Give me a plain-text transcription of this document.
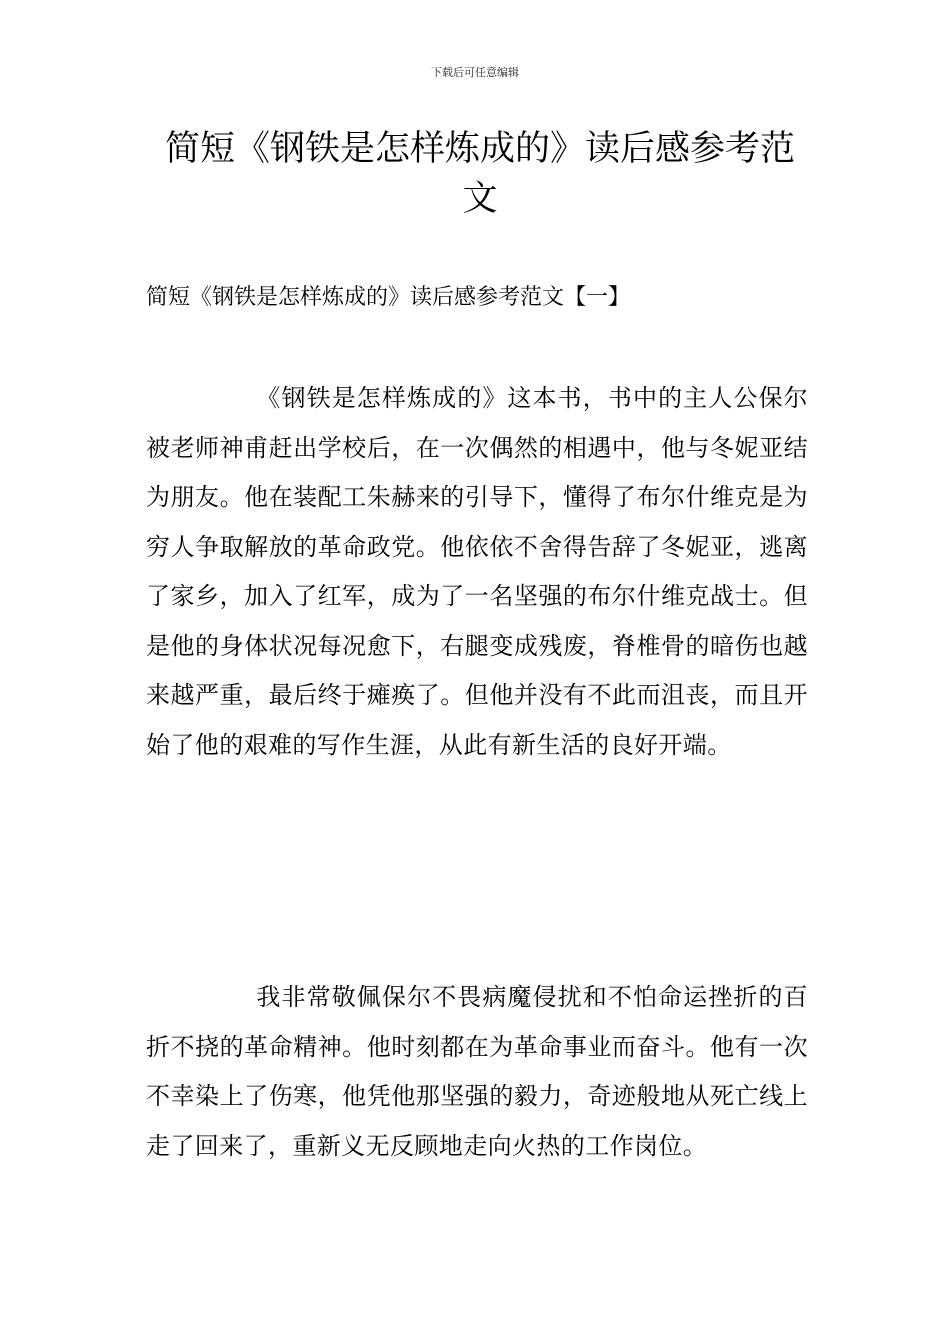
下载后可任意编辑
简短《钢铁是怎样炼成的》读后感参考范文
简短《钢铁是怎样炼成的》读后感参考范文【一】

《钢铁是怎样炼成的》这本书，书中的主人公保尔被老师神甫赶出学校后，在一次偶然的相遇中，他与冬妮亚结为朋友。他在装配工朱赫来的引导下，懂得了布尔什维克是为穷人争取解放的革命政党。他依依不舍得告辞了冬妮亚，逃离了家乡，加入了红军，成为了一名坚强的布尔什维克战士。但是他的身体状况每况愈下，右腿变成残废，脊椎骨的暗伤也越来越严重，最后终于瘫痪了。但他并没有不此而沮丧，而且开始了他的艰难的写作生涯，从此有新生活的良好开端。

我非常敬佩保尔不畏病魔侵扰和不怕命运挫折的百折不挠的革命精神。他时刻都在为革命事业而奋斗。他有一次不幸染上了伤寒，他凭他那坚强的毅力，奇迹般地从死亡线上走了回来了，重新义无反顾地走向火热的工作岗位。
